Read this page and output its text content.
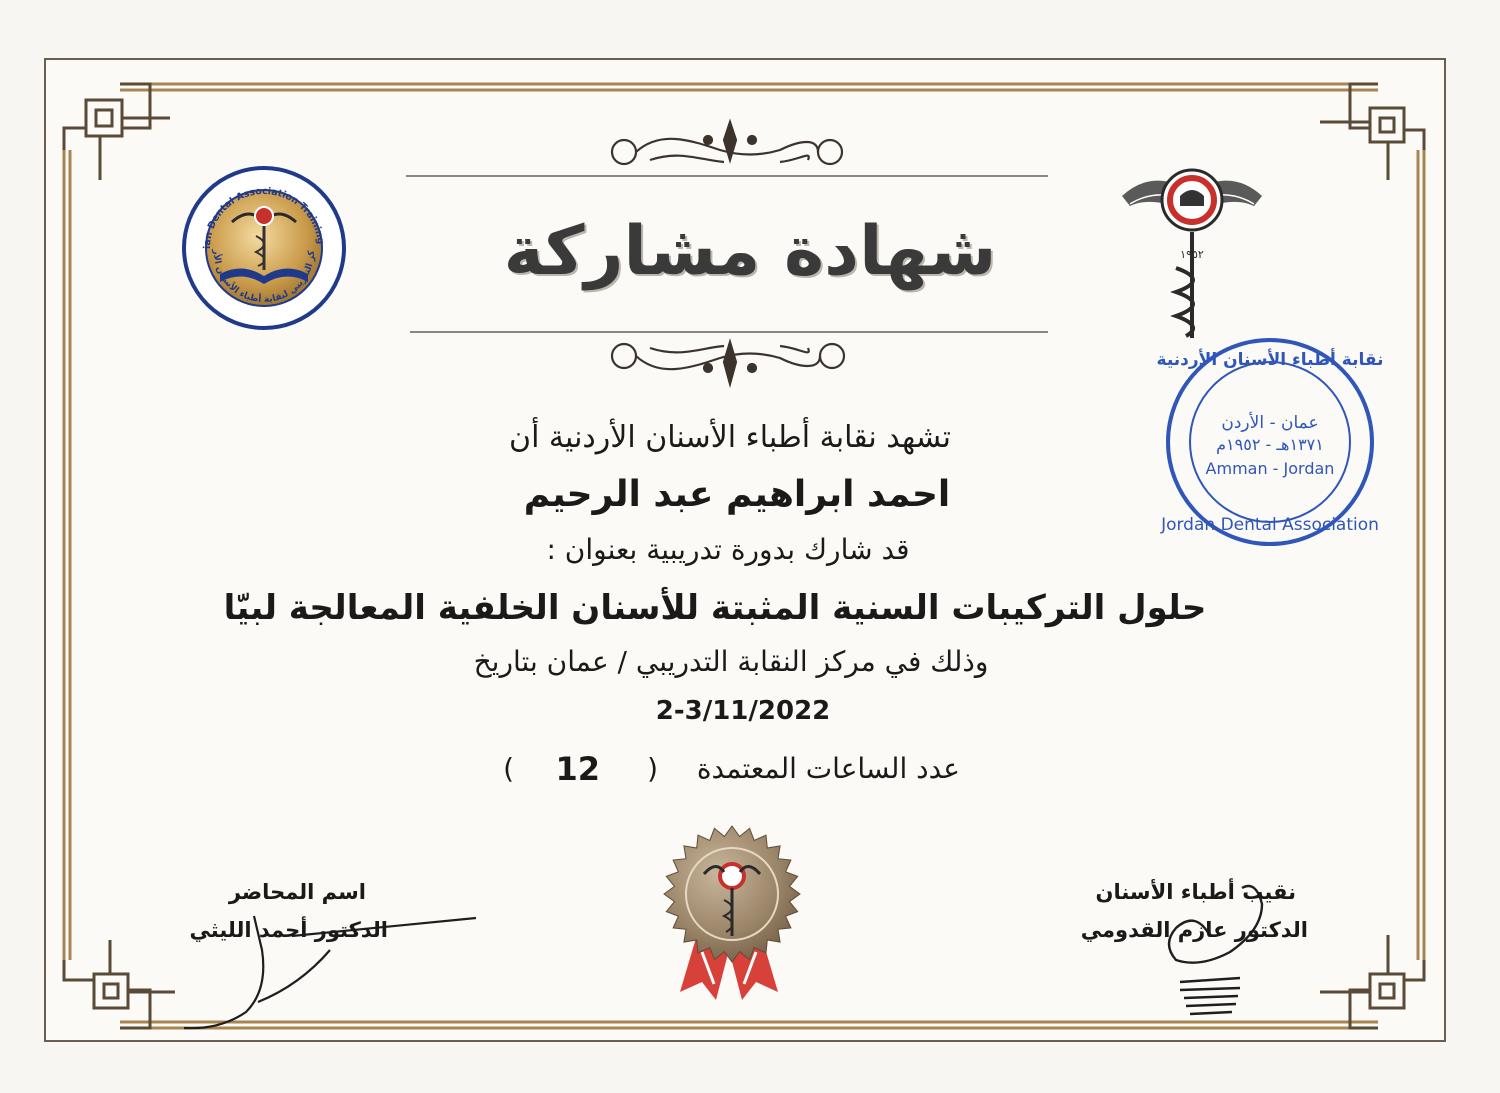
١٩٥٢
عمان - الأردن
١٣٧١هـ - ١٩٥٢م
Amman - Jordan
نقابة أطباء الأسنان الأردنية
Jordan Dental Association
ian Dental Association Training
كز التدريبي لنقابة أطباء الأسنان الأر	شهادة مشاركة
تشهد نقابة أطباء الأسنان الأردنية أن
احمد ابراهيم عبد الرحيم
قد شارك بدورة تدريبية بعنوان :
حلول التركيبات السنية المثبتة للأسنان الخلفية المعالجة لبيّا
وذلك في مركز النقابة التدريبي / عمان بتاريخ
2-3/11/2022
عدد الساعات المعتمدة
(
12
)
اسم المحاضر
الدكتور أحمد الليثي
نقيب أطباء الأسنان
الدكتور عازم القدومي
